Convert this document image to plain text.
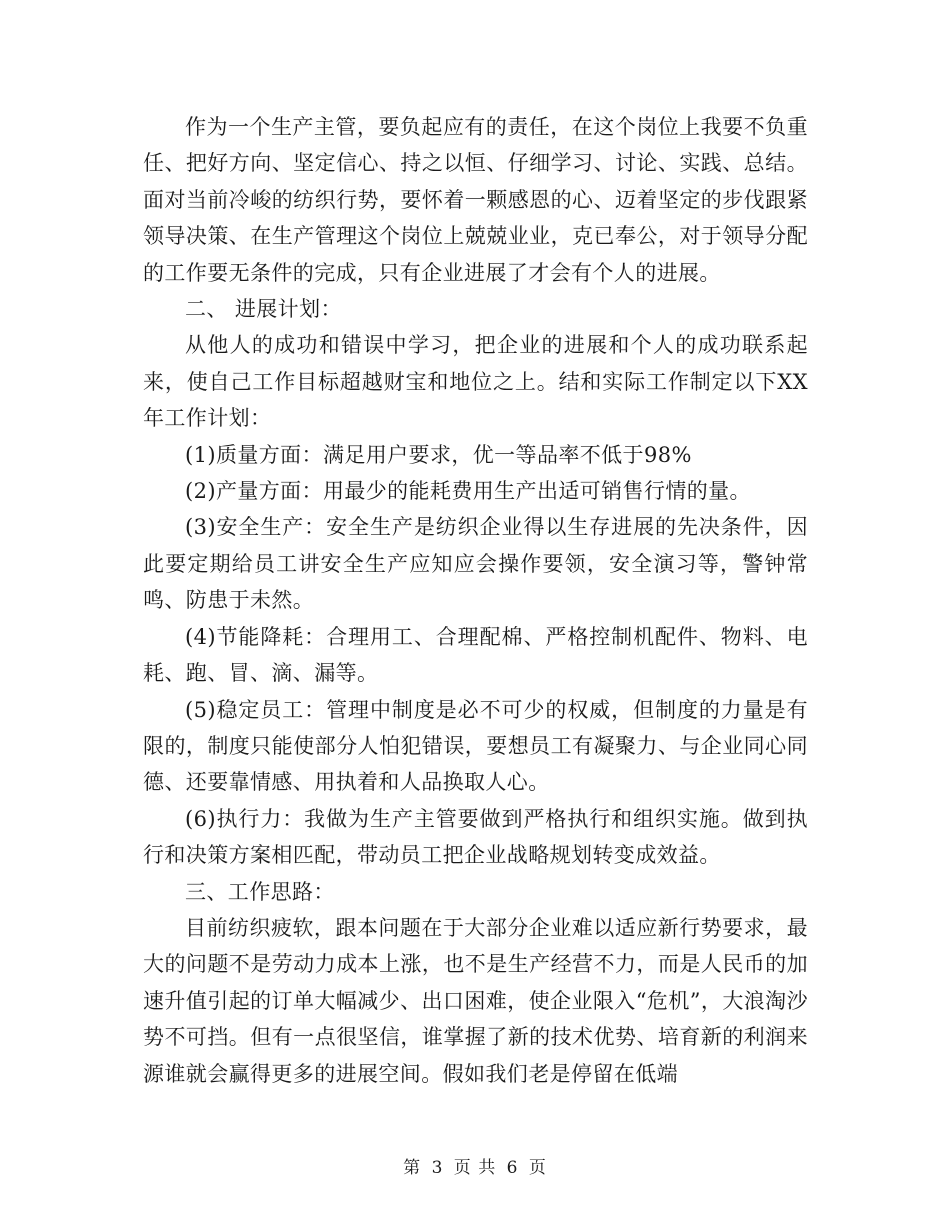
作为一个生产主管，要负起应有的责任，在这个岗位上我要不负重任、把好方向、坚定信心、持之以恒、仔细学习、讨论、实践、总结。面对当前冷峻的纺织行势，要怀着一颗感恩的心、迈着坚定的步伐跟紧领导决策、在生产管理这个岗位上兢兢业业，克已奉公，对于领导分配的工作要无条件的完成，只有企业进展了才会有个人的进展。

二、 进展计划：

从他人的成功和错误中学习，把企业的进展和个人的成功联系起来，使自己工作目标超越财宝和地位之上。结和实际工作制定以下XX年工作计划：

(1)质量方面：满足用户要求，优一等品率不低于98%

(2)产量方面：用最少的能耗费用生产出适可销售行情的量。

(3)安全生产：安全生产是纺织企业得以生存进展的先决条件，因此要定期给员工讲安全生产应知应会操作要领，安全演习等，警钟常鸣、防患于未然。

(4)节能降耗：合理用工、合理配棉、严格控制机配件、物料、电耗、跑、冒、滴、漏等。

(5)稳定员工：管理中制度是必不可少的权威，但制度的力量是有限的，制度只能使部分人怕犯错误，要想员工有凝聚力、与企业同心同德、还要靠情感、用执着和人品换取人心。

(6)执行力：我做为生产主管要做到严格执行和组织实施。做到执行和决策方案相匹配，带动员工把企业战略规划转变成效益。

三、工作思路：

目前纺织疲软，跟本问题在于大部分企业难以适应新行势要求，最大的问题不是劳动力成本上涨，也不是生产经营不力，而是人民币的加速升值引起的订单大幅减少、出口困难，使企业限入“危机”，大浪淘沙势不可挡。但有一点很坚信，谁掌握了新的技术优势、培育新的利润来源谁就会赢得更多的进展空间。假如我们老是停留在低端

第 3 页 共 6 页
